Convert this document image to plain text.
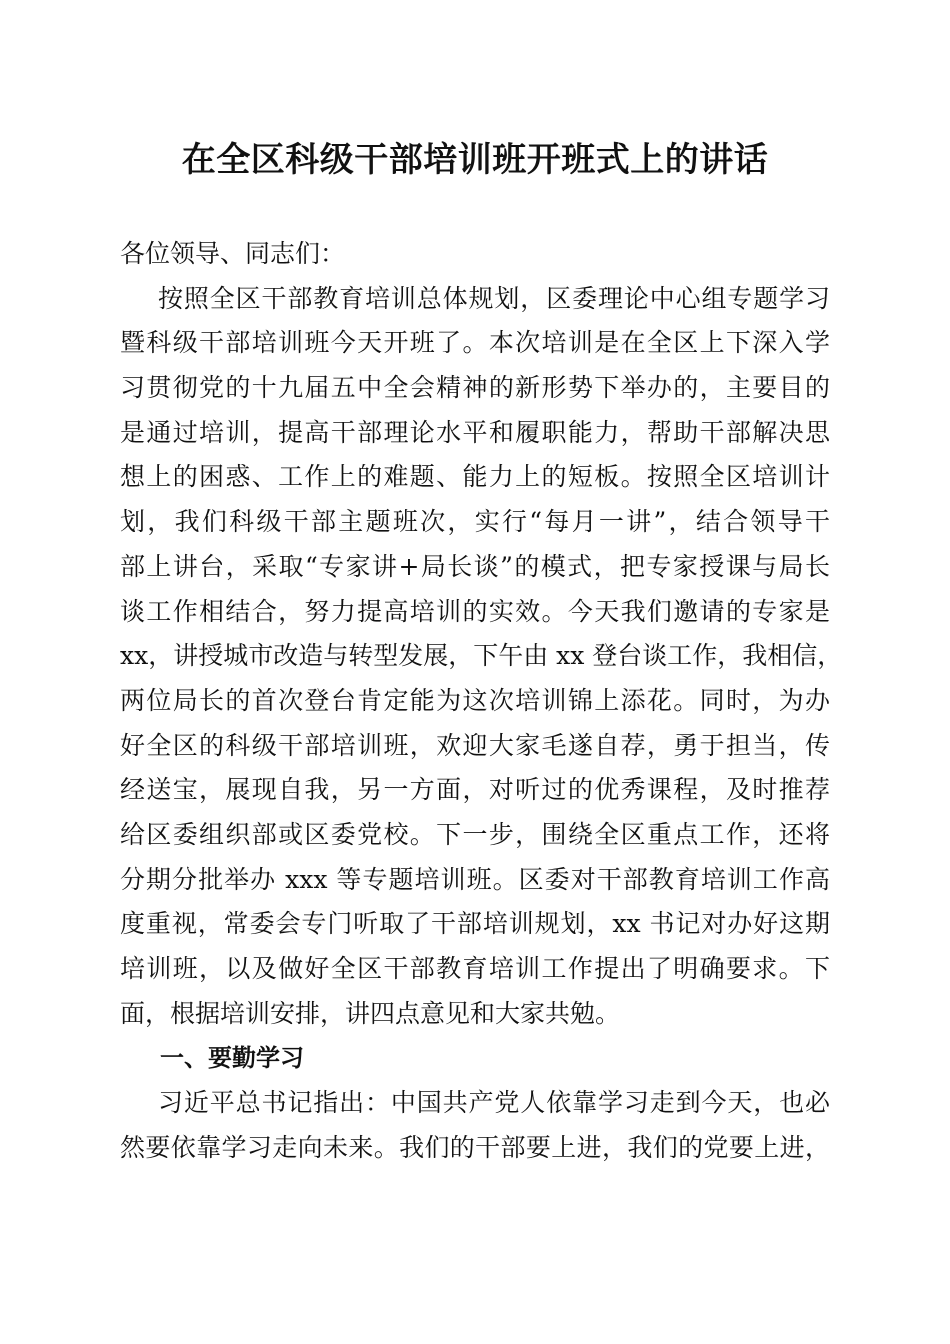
在全区科级干部培训班开班式上的讲话
各位领导、同志们：
按照全区干部教育培训总体规划，区委理论中心组专题学习
暨科级干部培训班今天开班了。本次培训是在全区上下深入学
习贯彻党的十九届五中全会精神的新形势下举办的，主要目的
是通过培训，提高干部理论水平和履职能力，帮助干部解决思
想上的困惑、工作上的难题、能力上的短板。按照全区培训计
划，我们科级干部主题班次，实行“每月一讲”，结合领导干
部上讲台，采取“专家讲+局长谈”的模式，把专家授课与局长
谈工作相结合，努力提高培训的实效。今天我们邀请的专家是
xx，讲授城市改造与转型发展，下午由 xx 登台谈工作，我相信，
两位局长的首次登台肯定能为这次培训锦上添花。同时，为办
好全区的科级干部培训班，欢迎大家毛遂自荐，勇于担当，传
经送宝，展现自我，另一方面，对听过的优秀课程，及时推荐
给区委组织部或区委党校。下一步，围绕全区重点工作，还将
分期分批举办 xxx 等专题培训班。区委对干部教育培训工作高
度重视，常委会专门听取了干部培训规划，xx 书记对办好这期
培训班，以及做好全区干部教育培训工作提出了明确要求。下
面，根据培训安排，讲四点意见和大家共勉。
一、要勤学习
习近平总书记指出：中国共产党人依靠学习走到今天，也必
然要依靠学习走向未来。我们的干部要上进，我们的党要上进，
